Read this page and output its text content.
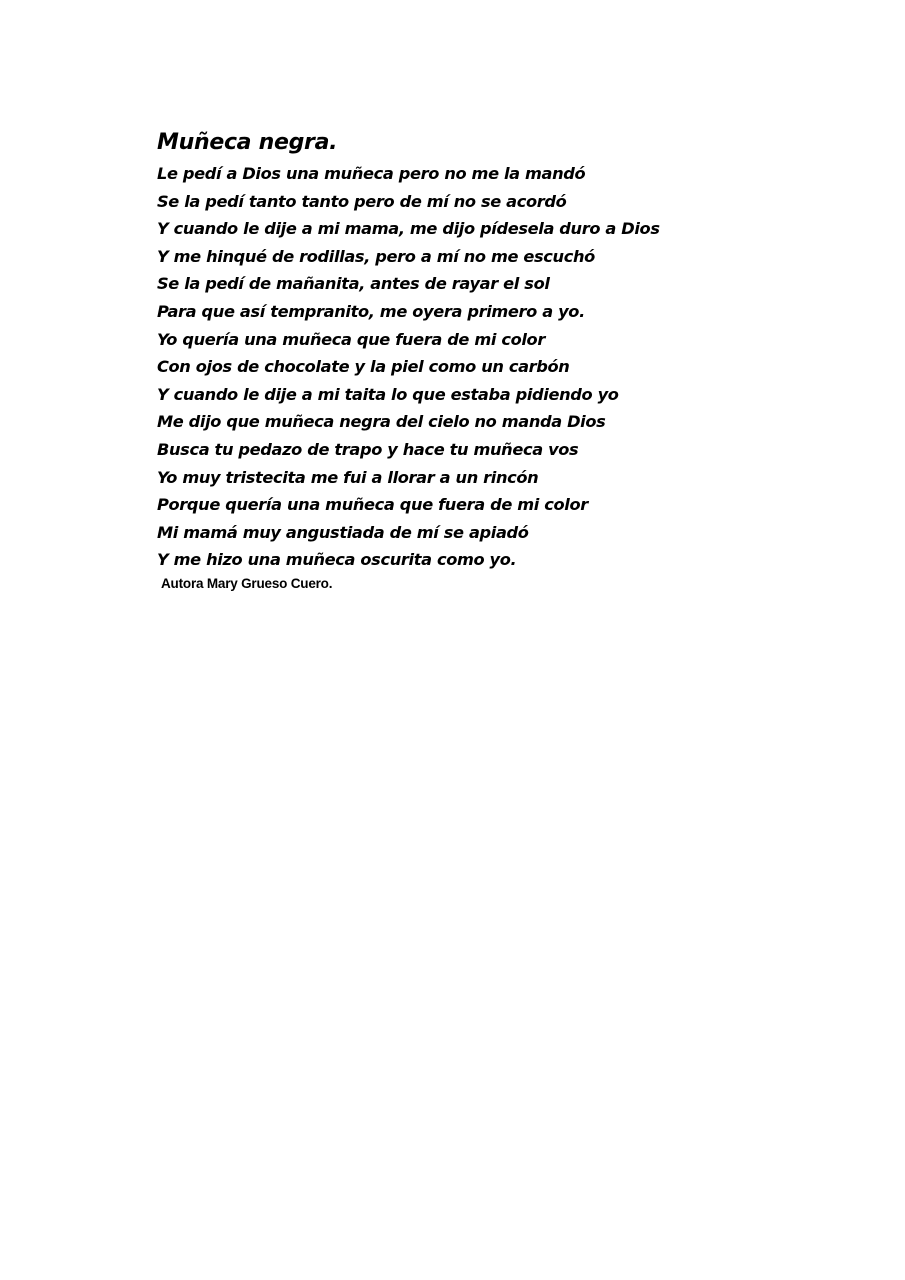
Muñeca negra.
Le pedí a Dios una muñeca pero no me la mandó
Se la pedí tanto tanto pero de mí no se acordó
Y cuando le dije a mi mama, me dijo pídesela duro a Dios
Y me hinqué de rodillas, pero a mí no me escuchó
Se la pedí de mañanita, antes de rayar el sol
Para que así tempranito, me oyera primero a yo.
Yo quería una muñeca que fuera de mi color
Con ojos de chocolate y la piel como un carbón
Y cuando le dije a mi taita lo que estaba pidiendo yo
Me dijo que muñeca negra del cielo no manda Dios
Busca tu pedazo de trapo y hace tu muñeca vos
Yo muy tristecita me fui a llorar a un rincón
Porque quería una muñeca que fuera de mi color
Mi mamá muy angustiada de mí se apiadó
Y me hizo una muñeca oscurita como yo.
Autora Mary Grueso Cuero.
